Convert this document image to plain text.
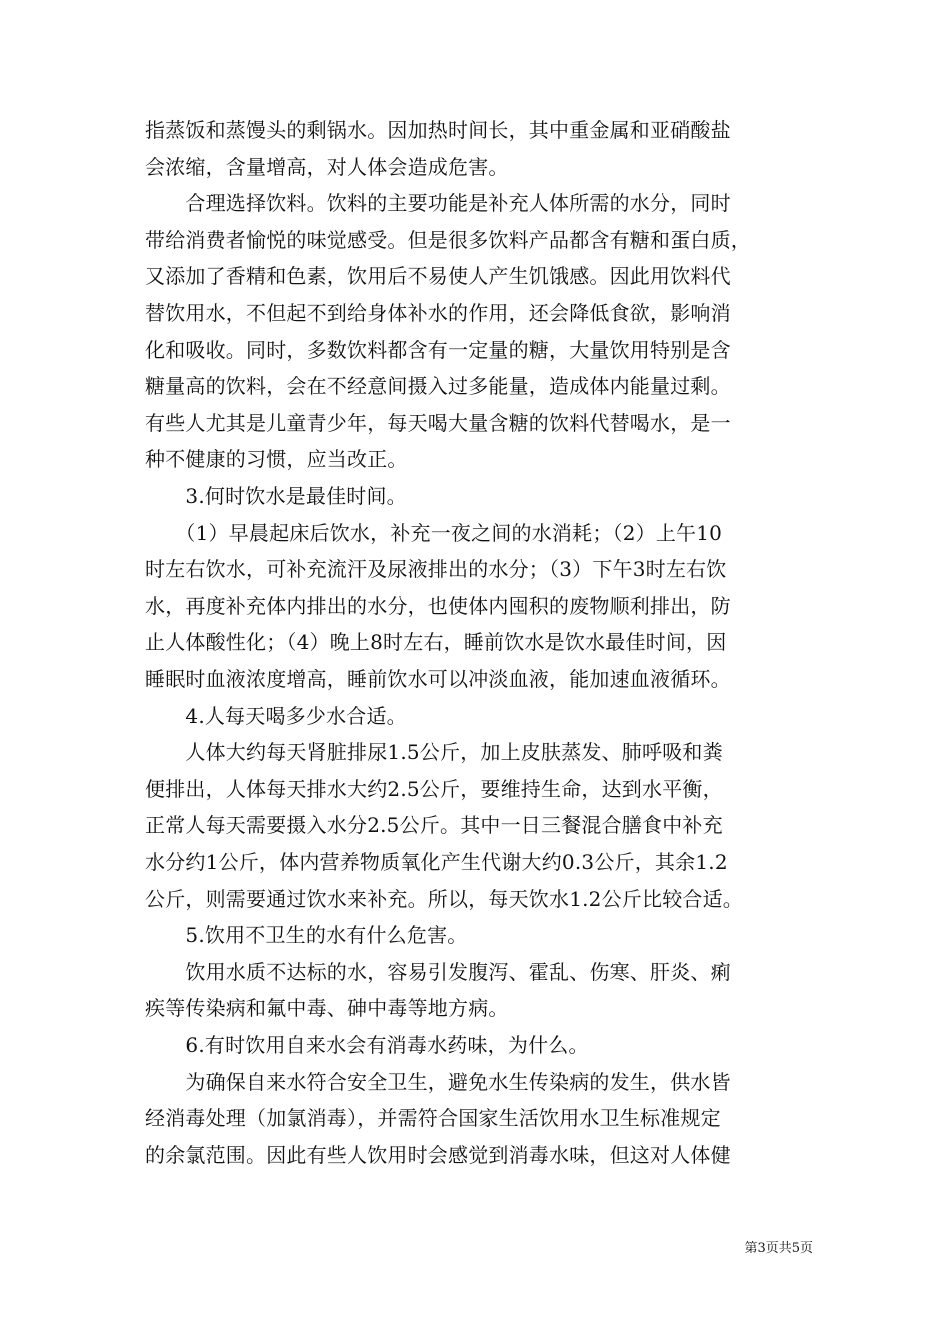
指蒸饭和蒸馒头的剩锅水。因加热时间长，其中重金属和亚硝酸盐
会浓缩，含量增高，对人体会造成危害。
　　合理选择饮料。饮料的主要功能是补充人体所需的水分，同时
带给消费者愉悦的味觉感受。但是很多饮料产品都含有糖和蛋白质，
又添加了香精和色素，饮用后不易使人产生饥饿感。因此用饮料代
替饮用水，不但起不到给身体补水的作用，还会降低食欲，影响消
化和吸收。同时，多数饮料都含有一定量的糖，大量饮用特别是含
糖量高的饮料，会在不经意间摄入过多能量，造成体内能量过剩。
有些人尤其是儿童青少年，每天喝大量含糖的饮料代替喝水，是一
种不健康的习惯，应当改正。
　　3.何时饮水是最佳时间。
　　（1）早晨起床后饮水，补充一夜之间的水消耗；（2）上午10
时左右饮水，可补充流汗及尿液排出的水分；（3）下午3时左右饮
水，再度补充体内排出的水分，也使体内囤积的废物顺利排出，防
止人体酸性化；（4）晚上8时左右，睡前饮水是饮水最佳时间，因
睡眠时血液浓度增高，睡前饮水可以冲淡血液，能加速血液循环。
　　4.人每天喝多少水合适。
　　人体大约每天肾脏排尿1.5公斤，加上皮肤蒸发、肺呼吸和粪
便排出，人体每天排水大约2.5公斤，要维持生命，达到水平衡，
正常人每天需要摄入水分2.5公斤。其中一日三餐混合膳食中补充
水分约1公斤，体内营养物质氧化产生代谢大约0.3公斤，其余1.2
公斤，则需要通过饮水来补充。所以，每天饮水1.2公斤比较合适。
　　5.饮用不卫生的水有什么危害。
　　饮用水质不达标的水，容易引发腹泻、霍乱、伤寒、肝炎、痢
疾等传染病和氟中毒、砷中毒等地方病。
　　6.有时饮用自来水会有消毒水药味，为什么。
　　为确保自来水符合安全卫生，避免水生传染病的发生，供水皆
经消毒处理（加氯消毒），并需符合国家生活饮用水卫生标准规定
的余氯范围。因此有些人饮用时会感觉到消毒水味，但这对人体健
第3页共5页
